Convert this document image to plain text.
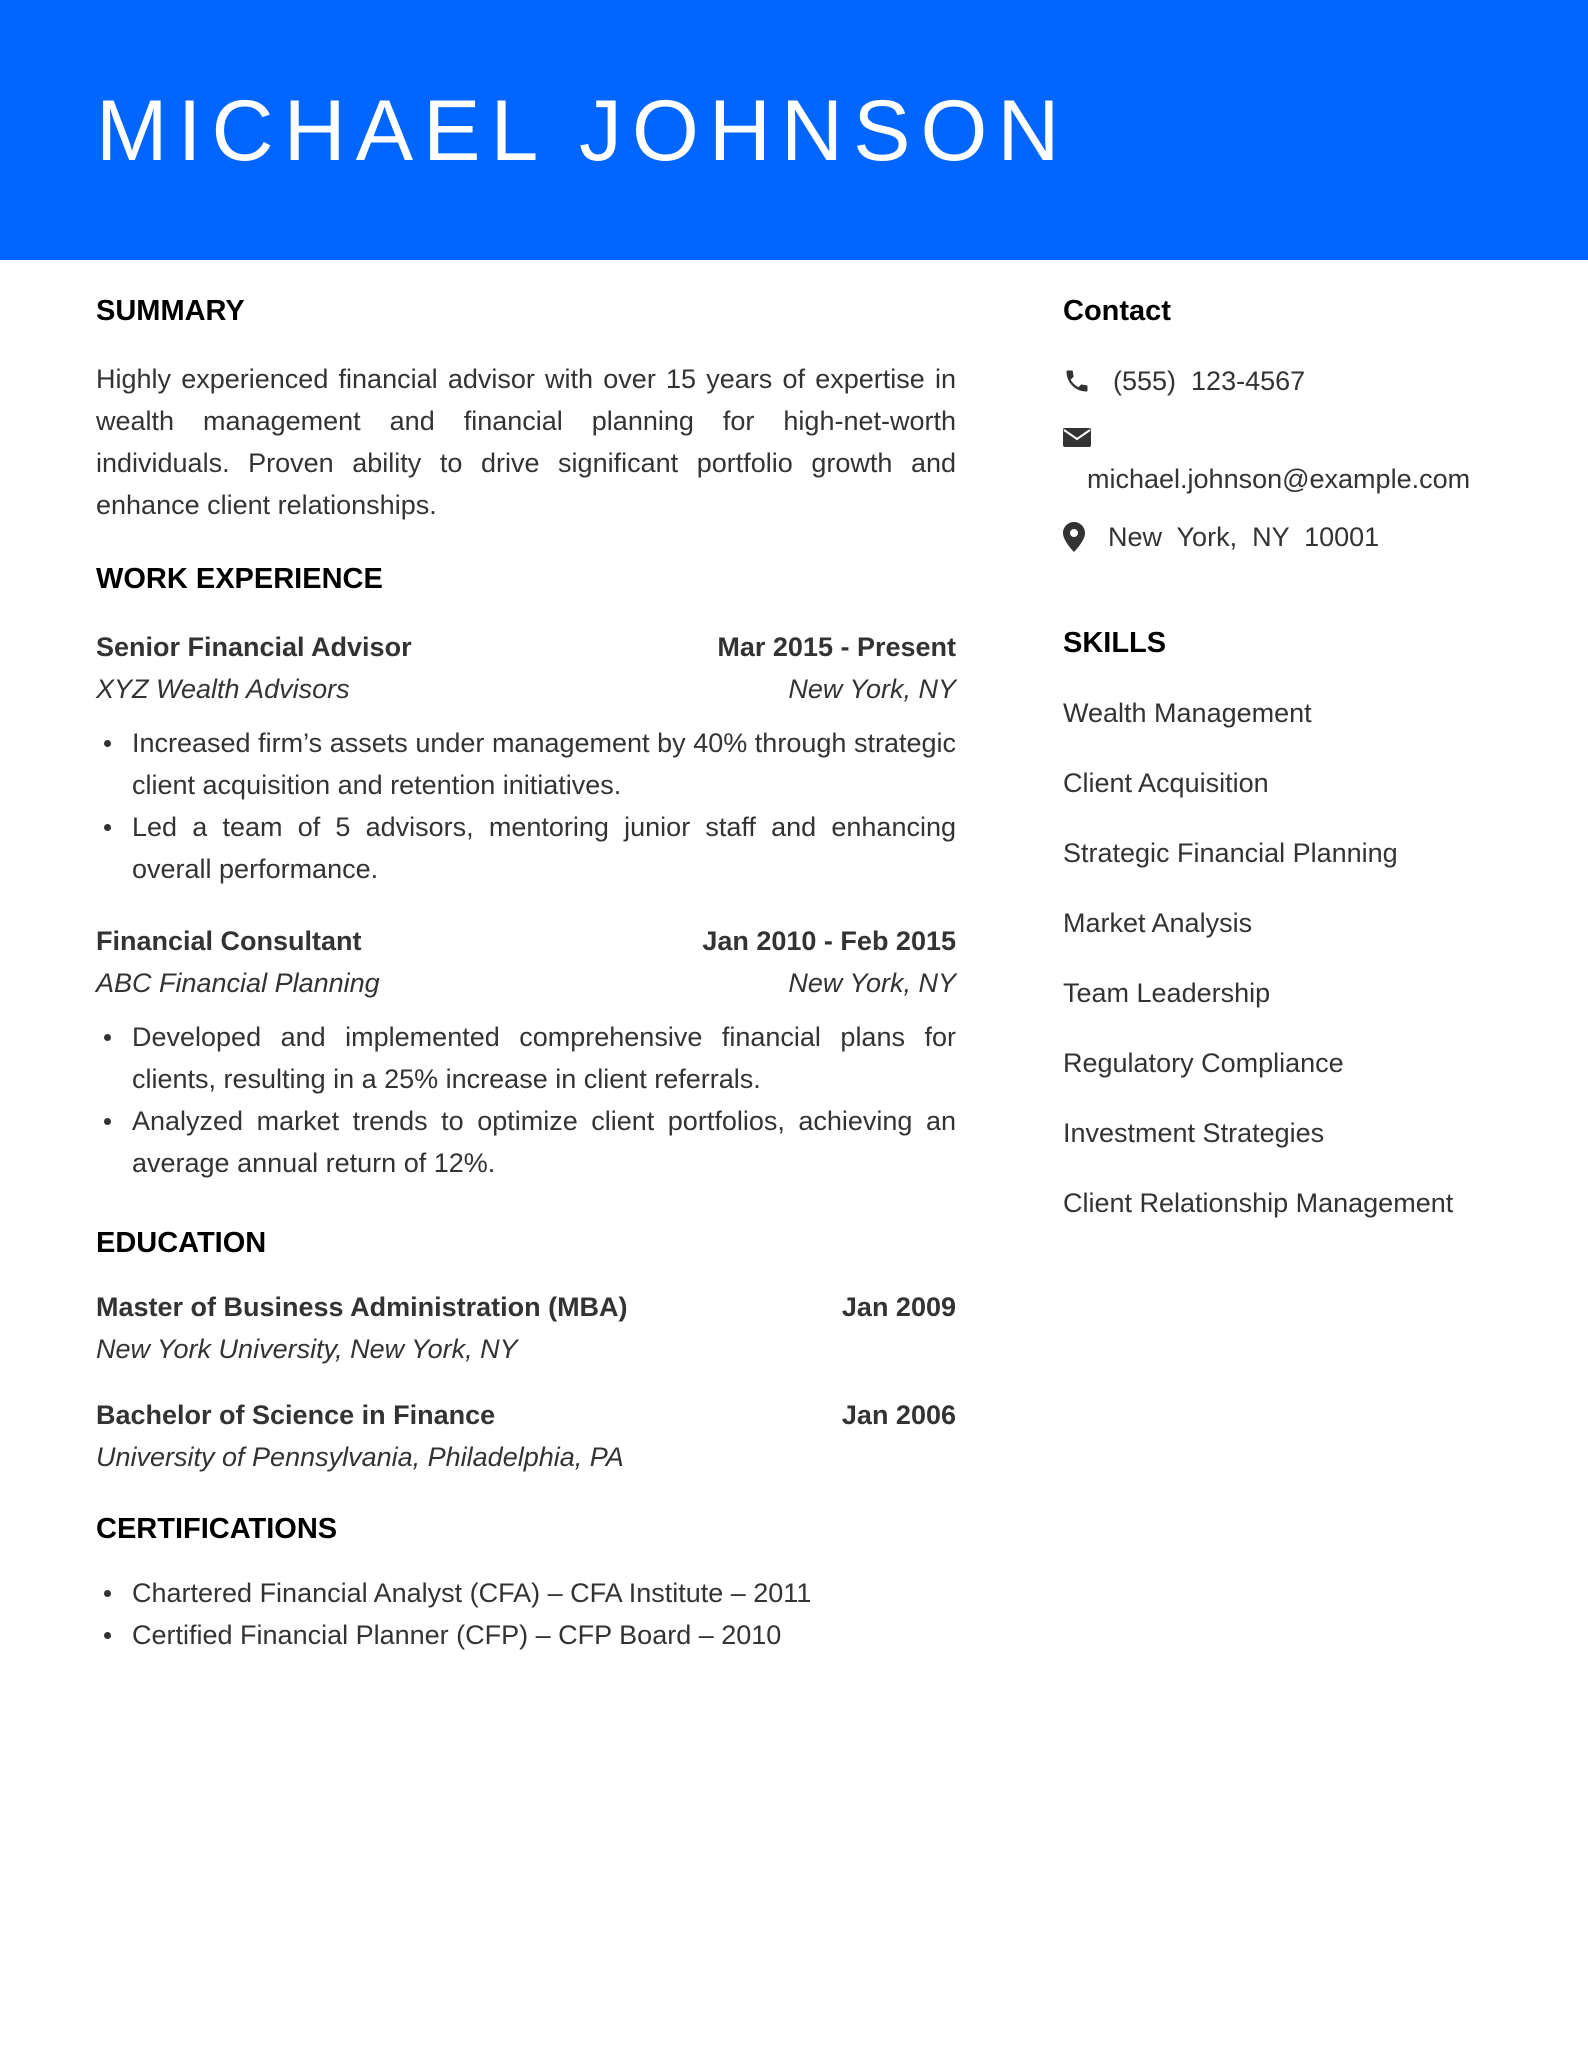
MICHAEL JOHNSON
SUMMARY
Highly experienced financial advisor with over 15 years of expertise in wealth management and financial planning for high-net-worth individuals. Proven ability to drive significant portfolio growth and enhance client relationships.
WORK EXPERIENCE
Senior Financial Advisor	Mar 2015 - Present
XYZ Wealth Advisors	New York, NY
Increased firm’s assets under management by 40% through strategic client acquisition and retention initiatives.
Led a team of 5 advisors, mentoring junior staff and enhancing overall performance.
Financial Consultant	Jan 2010 - Feb 2015
ABC Financial Planning	New York, NY
Developed and implemented comprehensive financial plans for clients, resulting in a 25% increase in client referrals.
Analyzed market trends to optimize client portfolios, achieving an average annual return of 12%.
EDUCATION
Master of Business Administration (MBA)	Jan 2009
New York University, New York, NY
Bachelor of Science in Finance	Jan 2006
University of Pennsylvania, Philadelphia, PA
CERTIFICATIONS
Chartered Financial Analyst (CFA) – CFA Institute – 2011
Certified Financial Planner (CFP) – CFP Board – 2010
Contact
(555)  123-4567
michael.johnson@example.com
New  York,  NY  10001
SKILLS
Wealth Management
Client Acquisition
Strategic Financial Planning
Market Analysis
Team Leadership
Regulatory Compliance
Investment Strategies
Client Relationship Management
